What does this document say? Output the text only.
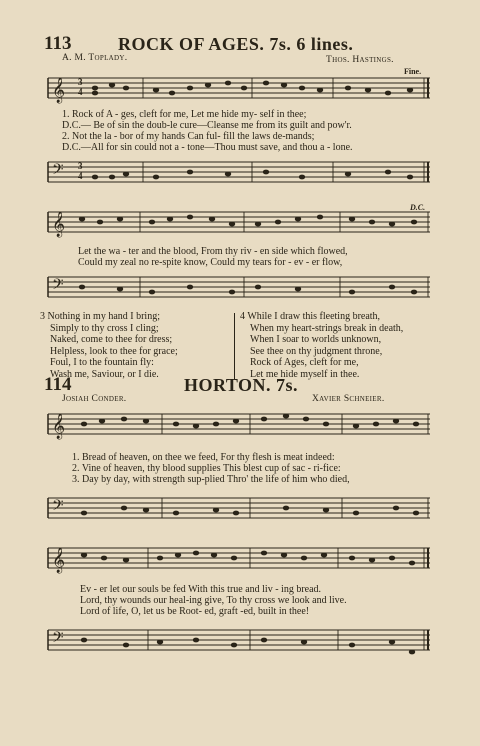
113	ROCK OF AGES. 7s. 6 lines.
A. M. Toplady.	Thos. Hastings.
Fine.
𝄞 3
4
1. Rock of A - ges, cleft for me, Let me hide my- self in thee;
D.C.— Be of sin the doub-le cure—Cleanse me from its guilt and pow'r.
2. Not the la - bor of my hands Can ful- fill the laws de-mands;
D.C.—All for sin could not a - tone—Thou must save, and thou a - lone.
𝄢 3
4
𝄞
D.C.
Let the wa - ter and the blood, From thy riv - en side which flowed,
Could my zeal no re-spite know, Could my tears for - ev - er flow,
𝄢
3 Nothing in my hand I bring;
Simply to thy cross I cling;
Naked, come to thee for dress;
Helpless, look to thee for grace;
Foul, I to the fountain fly:
Wash me, Saviour, or I die.
4 While I draw this fleeting breath,
When my heart-strings break in death,
When I soar to worlds unknown,
See thee on thy judgment throne,
Rock of Ages, cleft for me,
Let me hide myself in thee.
114	HORTON. 7s.
Josiah Conder.	Xavier Schneier.
𝄞
1. Bread of heaven, on thee we feed, For thy flesh is meat indeed:
2. Vine of heaven, thy blood supplies This blest cup of sac - ri-fice:
3. Day by day, with strength sup-plied Thro' the life of him who died,
𝄢
𝄞
Ev - er let our souls be fed With this true and liv - ing bread.
Lord, thy wounds our heal-ing give, To thy cross we look and live.
Lord of life, O, let us be Root- ed, graft -ed, built in thee!
𝄢
